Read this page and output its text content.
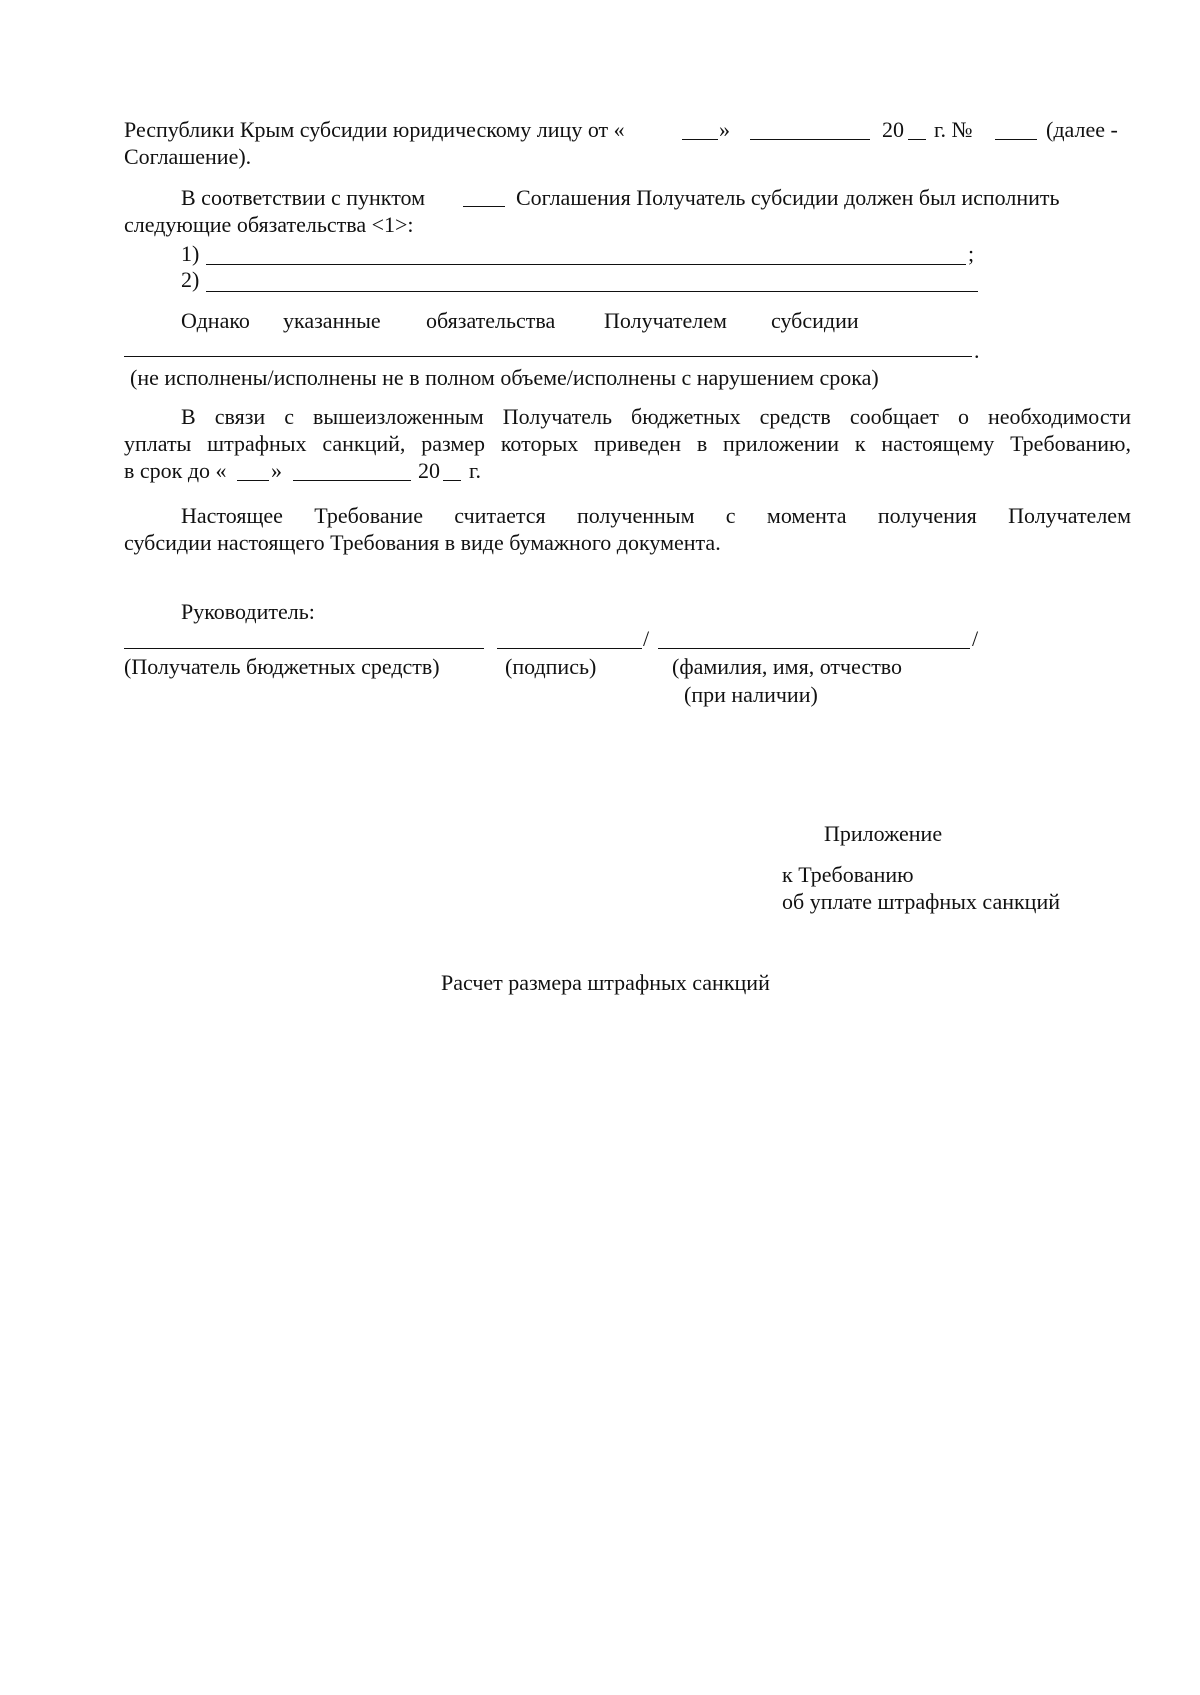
Республики Крым субсидии юридическому лицу от «	»	20 г. №	(далее -
Соглашение).
В соответствии с пунктом	Соглашения Получатель субсидии должен был исполнить
следующие обязательства <1>:
1)	;
2)
Однако указанные обязательства Получателем субсидии
.
(не исполнены/исполнены не в полном объеме/исполнены с нарушением срока)
В связи с вышеизложенным Получатель бюджетных средств сообщает о необходимости
уплаты штрафных санкций, размер которых приведен в приложении к настоящему Требованию,
в срок до « »	20 г.
Настоящее Требование считается полученным с момента получения Получателем
субсидии настоящего Требования в виде бумажного документа.
Руководитель:
/	/
(Получатель бюджетных средств)	(подпись)	(фамилия, имя, отчество
(при наличии)
Приложение
к Требованию
об уплате штрафных санкций
Расчет размера штрафных санкций
